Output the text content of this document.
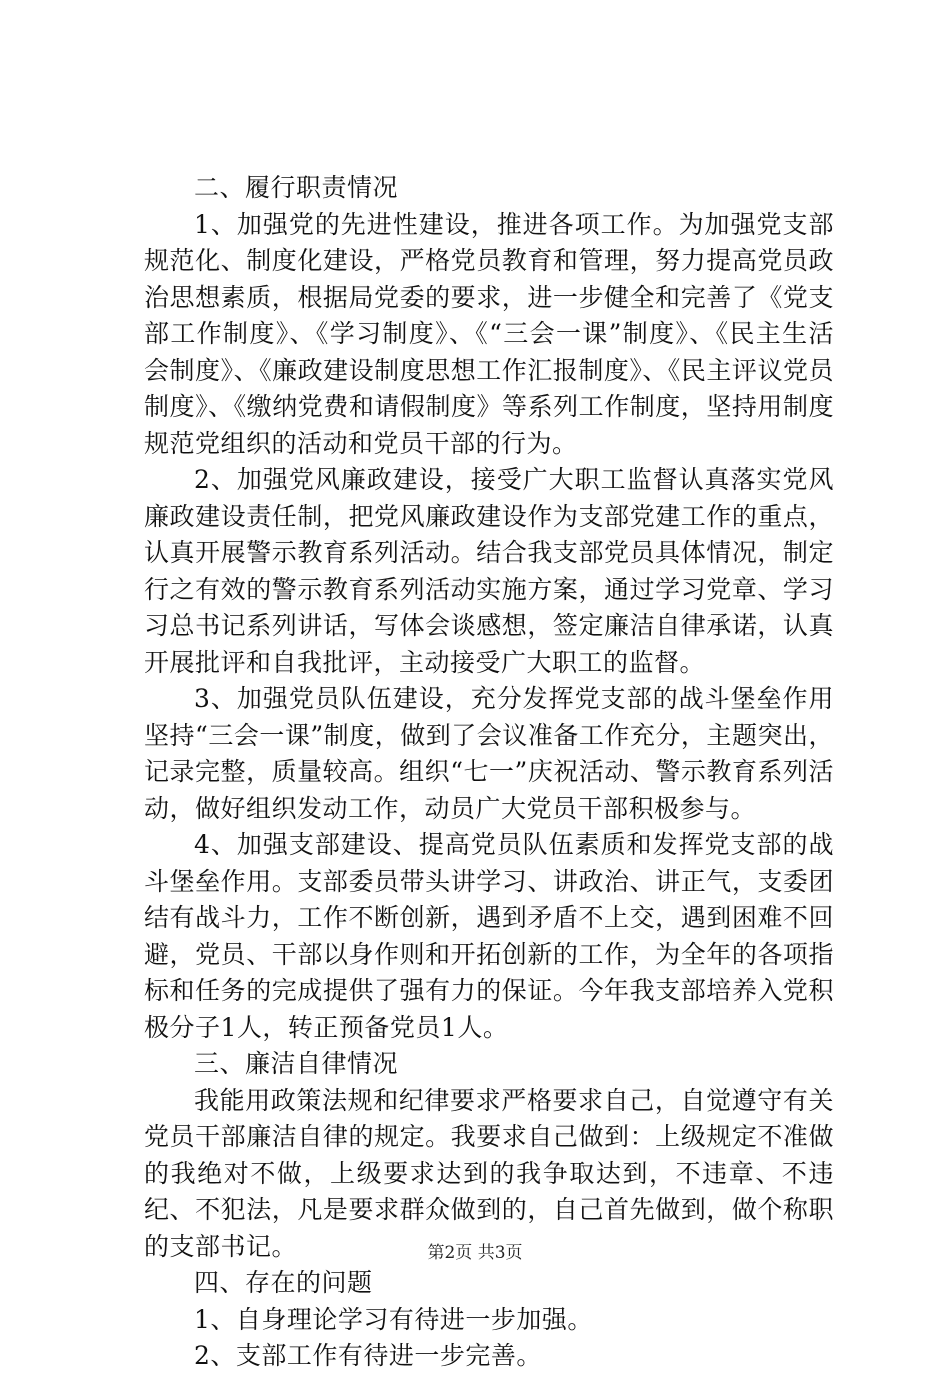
二、履行职责情况

1、加强党的先进性建设，推进各项工作。为加强党支部规范化、制度化建设，严格党员教育和管理，努力提高党员政治思想素质，根据局党委的要求，进一步健全和完善了《党支部工作制度》、《学习制度》、《“三会一课”制度》、《民主生活会制度》、《廉政建设制度思想工作汇报制度》、《民主评议党员制度》、《缴纳党费和请假制度》等系列工作制度，坚持用制度规范党组织的活动和党员干部的行为。

2、加强党风廉政建设，接受广大职工监督认真落实党风廉政建设责任制，把党风廉政建设作为支部党建工作的重点，认真开展警示教育系列活动。结合我支部党员具体情况，制定行之有效的警示教育系列活动实施方案，通过学习党章、学习习总书记系列讲话，写体会谈感想，签定廉洁自律承诺，认真开展批评和自我批评，主动接受广大职工的监督。

3、加强党员队伍建设，充分发挥党支部的战斗堡垒作用坚持“三会一课”制度，做到了会议准备工作充分，主题突出，记录完整，质量较高。组织“七一”庆祝活动、警示教育系列活动，做好组织发动工作，动员广大党员干部积极参与。

4、加强支部建设、提高党员队伍素质和发挥党支部的战斗堡垒作用。支部委员带头讲学习、讲政治、讲正气，支委团结有战斗力，工作不断创新，遇到矛盾不上交，遇到困难不回避，党员、干部以身作则和开拓创新的工作，为全年的各项指标和任务的完成提供了强有力的保证。今年我支部培养入党积极分子1人，转正预备党员1人。

三、廉洁自律情况

我能用政策法规和纪律要求严格要求自己，自觉遵守有关党员干部廉洁自律的规定。我要求自己做到：上级规定不准做的我绝对不做，上级要求达到的我争取达到，不违章、不违纪、不犯法，凡是要求群众做到的，自己首先做到，做个称职的支部书记。

四、存在的问题

1、自身理论学习有待进一步加强。

2、支部工作有待进一步完善。

第2页 共3页
